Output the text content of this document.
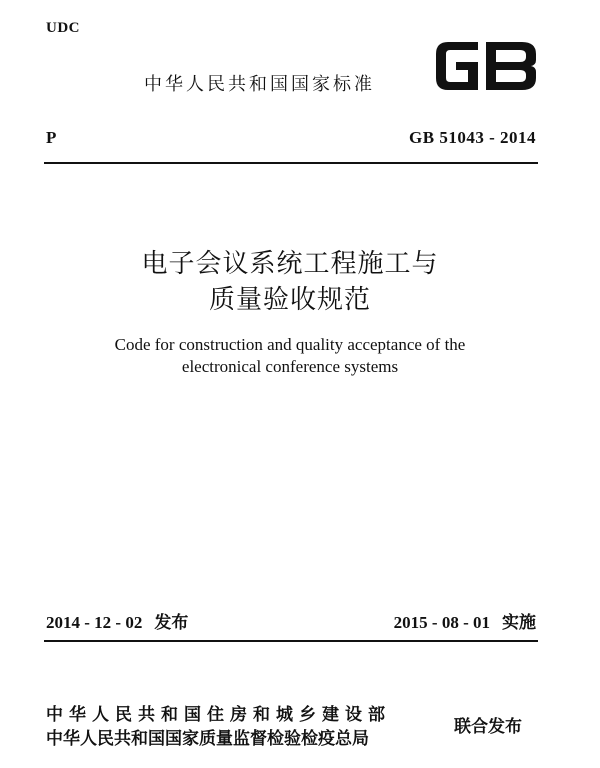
UDC
中华人民共和国国家标准
P	GB 51043 - 2014
电子会议系统工程施工与
质量验收规范
Code for construction and quality acceptance of the
electronical conference systems
2014 - 12 - 02 发布	2015 - 08 - 01 实施
中华人民共和国住房和城乡建设部
中华人民共和国国家质量监督检验检疫总局
联合发布
